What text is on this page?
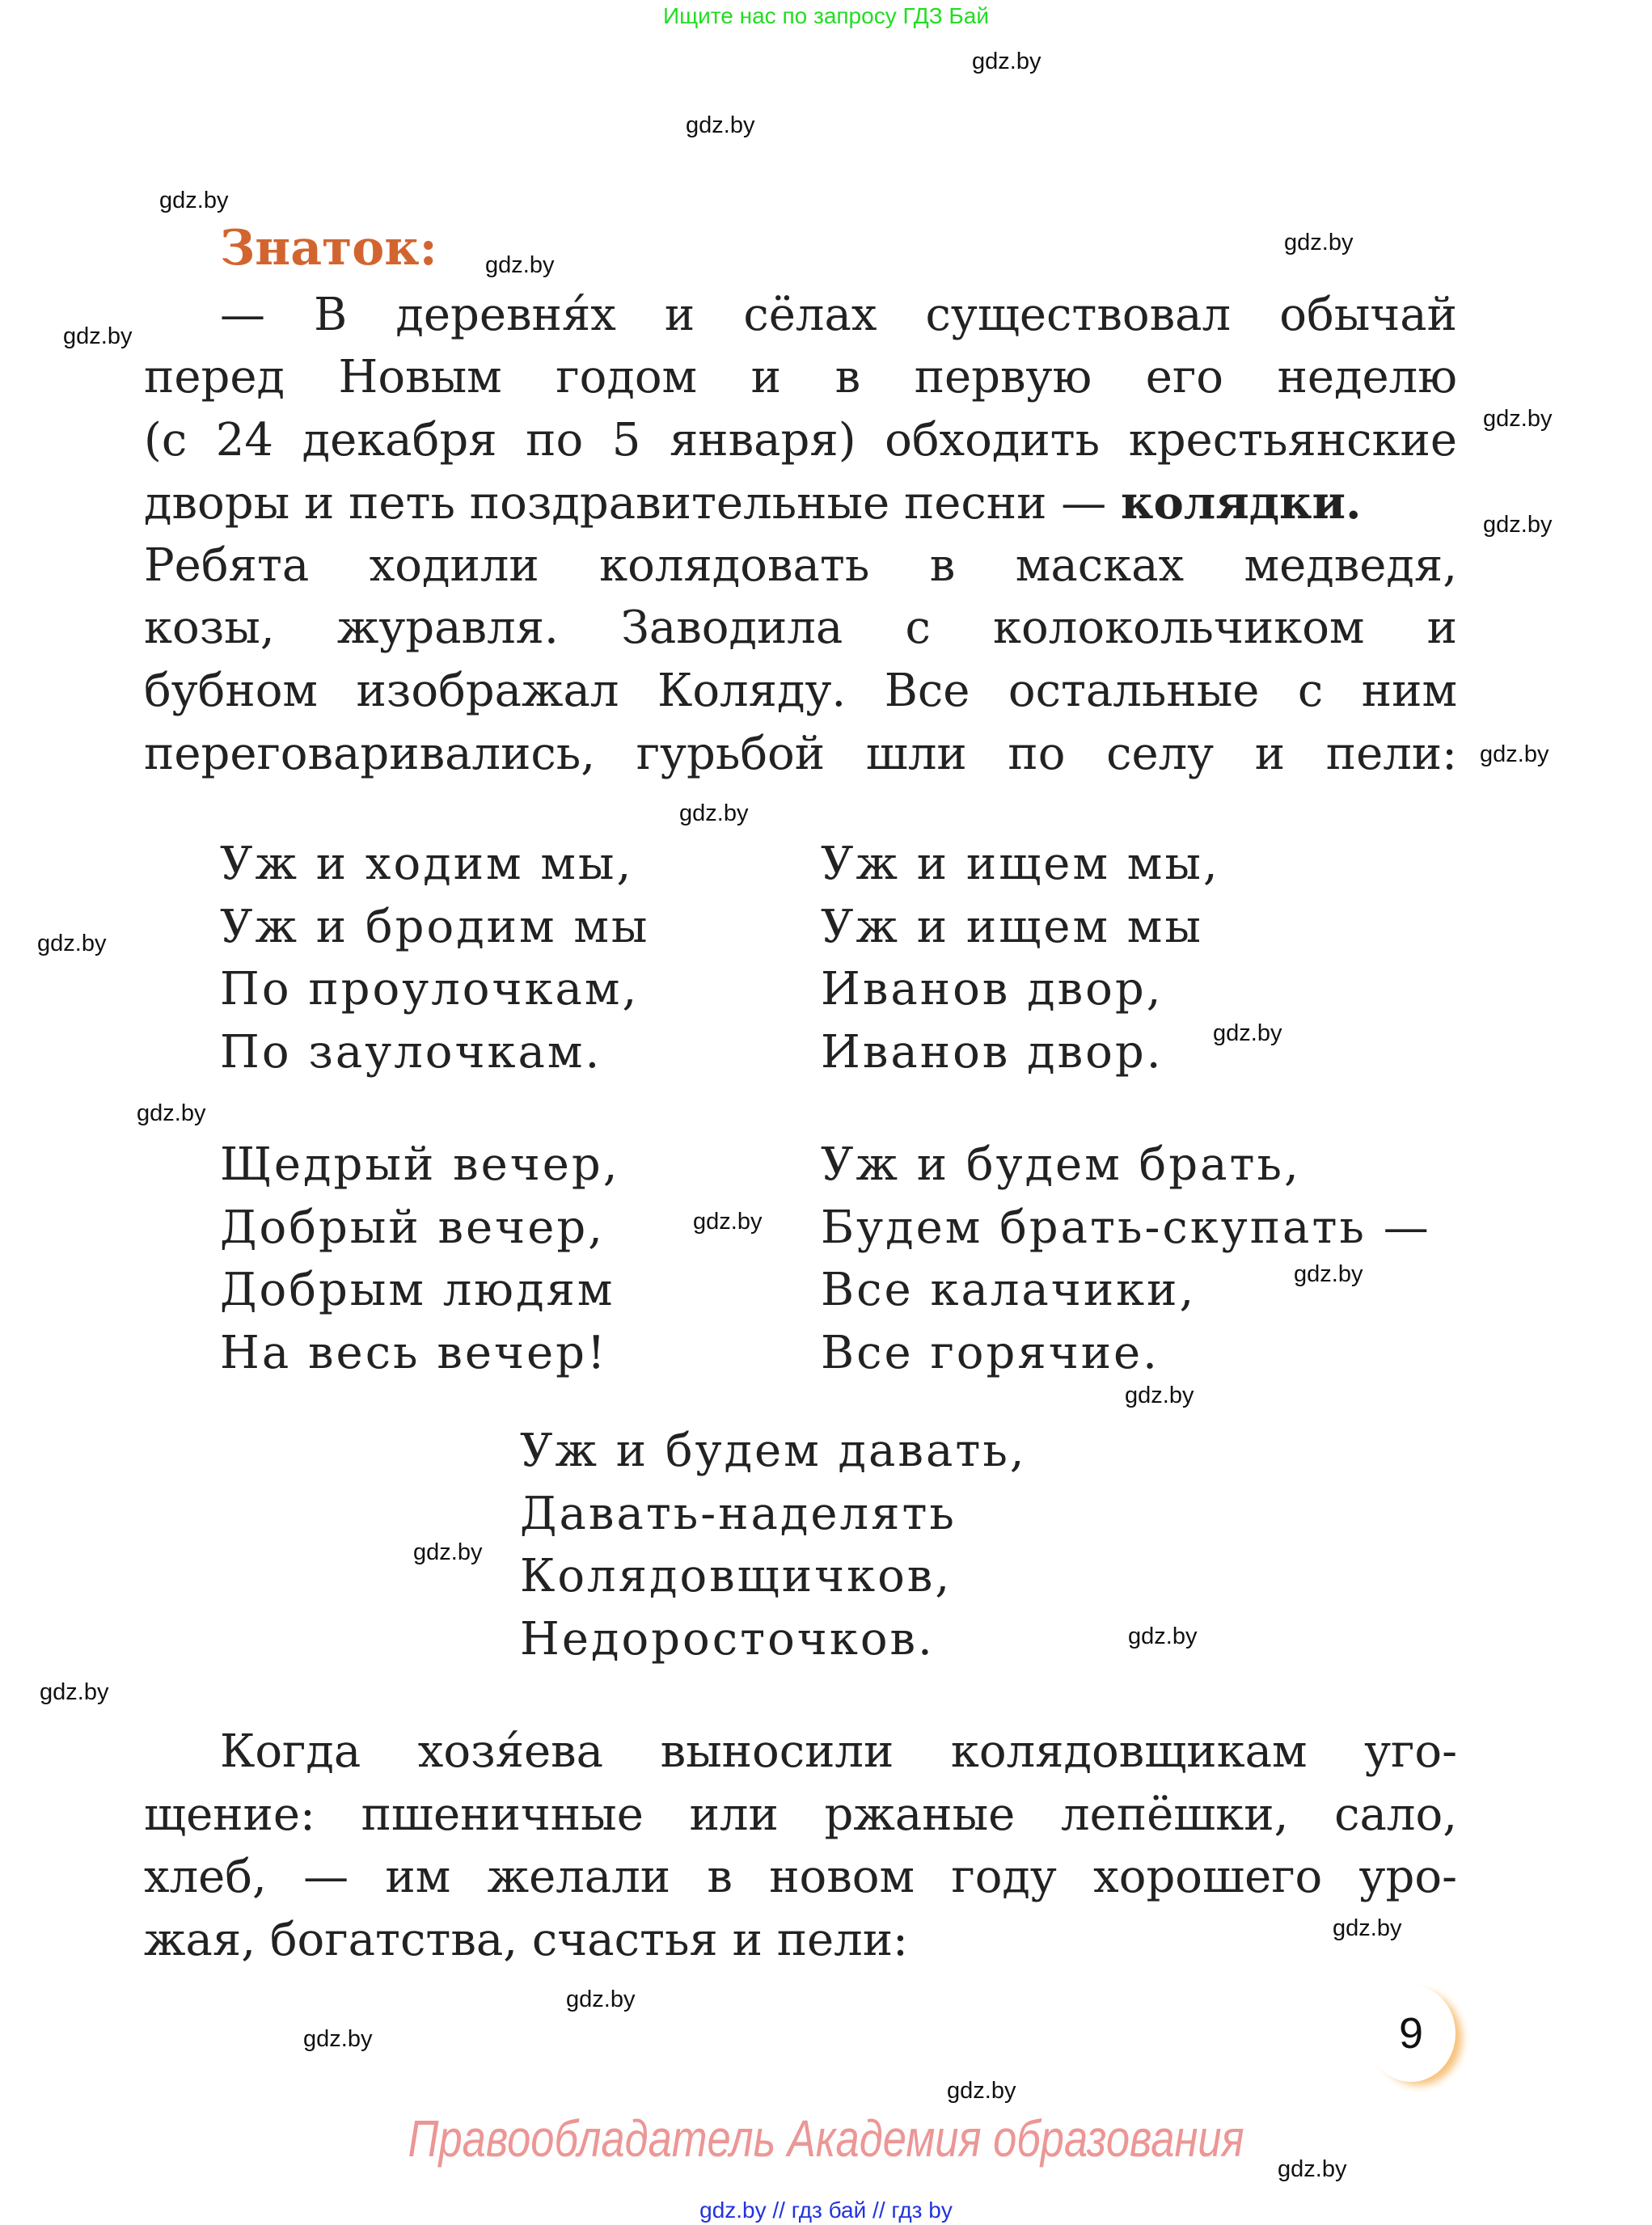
Ищите нас по запросу ГДЗ Бай
Знаток:
— В деревня́х и сёлах существовал обычай
перед Новым годом и в первую его неделю
(с 24 декабря по 5 января) обходить крестьянские
дворы и петь поздравительные песни — колядки.
Ребята ходили колядовать в масках медведя,
козы, журавля. Заводила с колокольчиком и
бубном изображал Коляду. Все остальные с ним
переговаривались, гурьбой шли по селу и пели:
Уж и ходим мы,
Уж и бродим мы
По проулочкам,
По заулочкам.
Уж и ищем мы,
Уж и ищем мы
Иванов двор,
Иванов двор.
Щедрый вечер,
Добрый вечер,
Добрым людям
На весь вечер!
Уж и будем брать,
Будем брать-скупать —
Все калачики,
Все горячие.
Уж и будем давать,
Давать-наделять
Колядовщичков,
Недоросточков.
Когда хозя́ева выносили колядовщикам уго-
щение: пшеничные или ржаные лепёшки, сало,
хлеб, — им желали в новом году хорошего уро-
жая, богатства, счастья и пели:
9
Правообладатель Академия образования
gdz.by // гдз бай // гдз by
gdz.by
gdz.by
gdz.by
gdz.by
gdz.by
gdz.by
gdz.by
gdz.by
gdz.by
gdz.by
gdz.by
gdz.by
gdz.by
gdz.by
gdz.by
gdz.by
gdz.by
gdz.by
gdz.by
gdz.by
gdz.by
gdz.by
gdz.by
gdz.by
